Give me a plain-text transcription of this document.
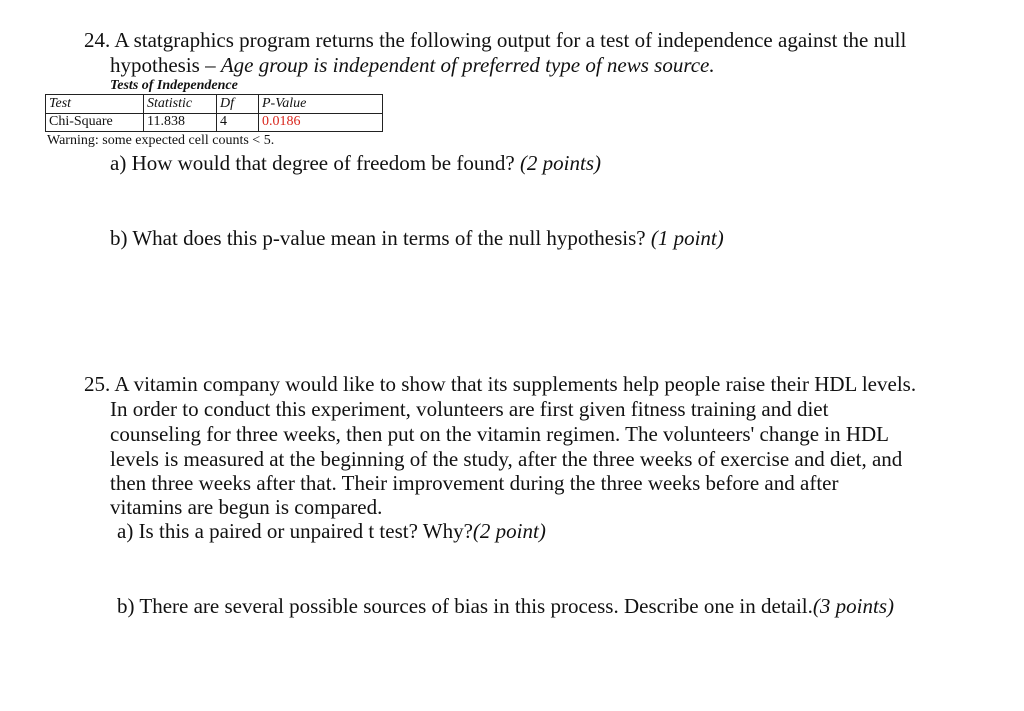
24. A statgraphics program returns the following output for a test of independence against the null
hypothesis – Age group is independent of preferred type of news source.
Tests of Independence
Test	Statistic	Df	P-Value
Chi-Square	11.838	4	0.0186
Warning: some expected cell counts < 5.
a) How would that degree of freedom be found? (2 points)
b) What does this p-value mean in terms of the null hypothesis? (1 point)
25. A vitamin company would like to show that its supplements help people raise their HDL levels.
In order to conduct this experiment, volunteers are first given fitness training and diet
counseling for three weeks, then put on the vitamin regimen. The volunteers' change in HDL
levels is measured at the beginning of the study, after the three weeks of exercise and diet, and
then three weeks after that. Their improvement during the three weeks before and after
vitamins are begun is compared.
a) Is this a paired or unpaired t test? Why?(2 point)
b) There are several possible sources of bias in this process. Describe one in detail.(3 points)
